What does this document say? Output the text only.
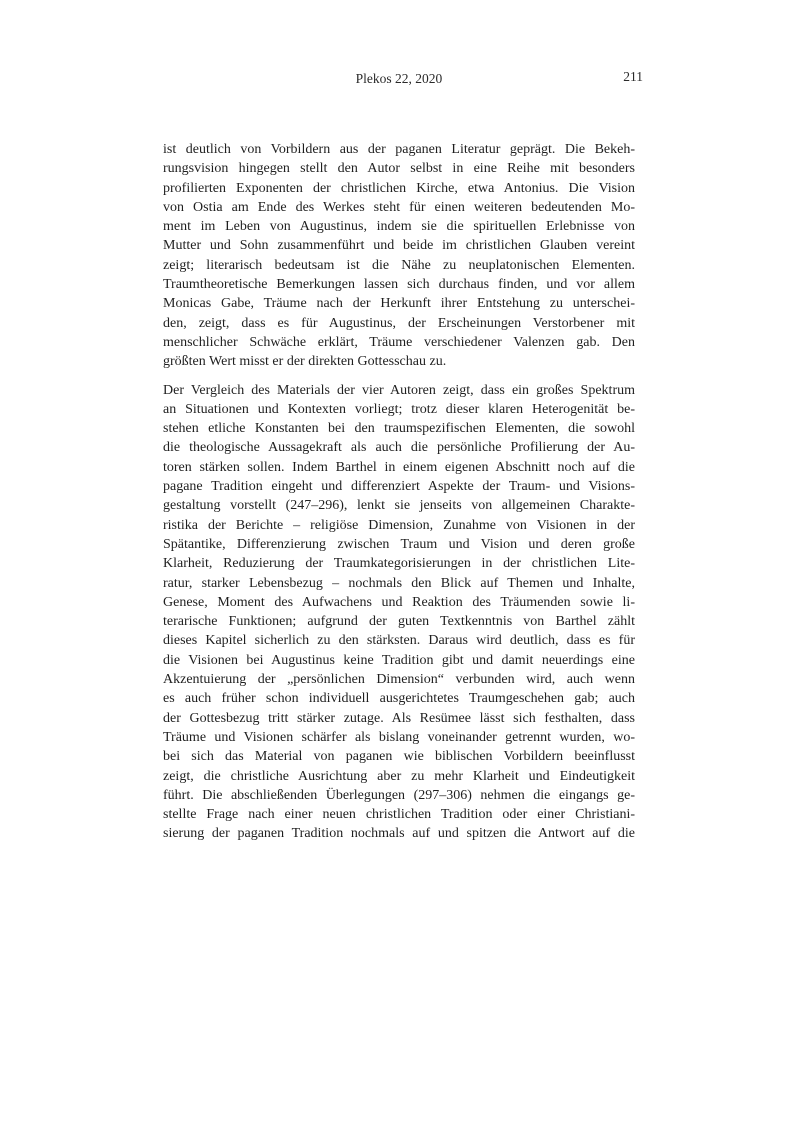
Plekos 22, 2020	211
ist deutlich von Vorbildern aus der paganen Literatur geprägt. Die Bekeh-
rungsvision hingegen stellt den Autor selbst in eine Reihe mit besonders
profilierten Exponenten der christlichen Kirche, etwa Antonius. Die Vision
von Ostia am Ende des Werkes steht für einen weiteren bedeutenden Mo-
ment im Leben von Augustinus, indem sie die spirituellen Erlebnisse von
Mutter und Sohn zusammenführt und beide im christlichen Glauben vereint
zeigt; literarisch bedeutsam ist die Nähe zu neuplatonischen Elementen.
Traumtheoretische Bemerkungen lassen sich durchaus finden, und vor allem
Monicas Gabe, Träume nach der Herkunft ihrer Entstehung zu unterschei-
den, zeigt, dass es für Augustinus, der Erscheinungen Verstorbener mit
menschlicher Schwäche erklärt, Träume verschiedener Valenzen gab. Den
größten Wert misst er der direkten Gottesschau zu.
Der Vergleich des Materials der vier Autoren zeigt, dass ein großes Spektrum
an Situationen und Kontexten vorliegt; trotz dieser klaren Heterogenität be-
stehen etliche Konstanten bei den traumspezifischen Elementen, die sowohl
die theologische Aussagekraft als auch die persönliche Profilierung der Au-
toren stärken sollen. Indem Barthel in einem eigenen Abschnitt noch auf die
pagane Tradition eingeht und differenziert Aspekte der Traum- und Visions-
gestaltung vorstellt (247–296), lenkt sie jenseits von allgemeinen Charakte-
ristika der Berichte – religiöse Dimension, Zunahme von Visionen in der
Spätantike, Differenzierung zwischen Traum und Vision und deren große
Klarheit, Reduzierung der Traumkategorisierungen in der christlichen Lite-
ratur, starker Lebensbezug – nochmals den Blick auf Themen und Inhalte,
Genese, Moment des Aufwachens und Reaktion des Träumenden sowie li-
terarische Funktionen; aufgrund der guten Textkenntnis von Barthel zählt
dieses Kapitel sicherlich zu den stärksten. Daraus wird deutlich, dass es für
die Visionen bei Augustinus keine Tradition gibt und damit neuerdings eine
Akzentuierung der „persönlichen Dimension“ verbunden wird, auch wenn
es auch früher schon individuell ausgerichtetes Traumgeschehen gab; auch
der Gottesbezug tritt stärker zutage. Als Resümee lässt sich festhalten, dass
Träume und Visionen schärfer als bislang voneinander getrennt wurden, wo-
bei sich das Material von paganen wie biblischen Vorbildern beeinflusst
zeigt, die christliche Ausrichtung aber zu mehr Klarheit und Eindeutigkeit
führt. Die abschließenden Überlegungen (297–306) nehmen die eingangs ge-
stellte Frage nach einer neuen christlichen Tradition oder einer Christiani-
sierung der paganen Tradition nochmals auf und spitzen die Antwort auf die
